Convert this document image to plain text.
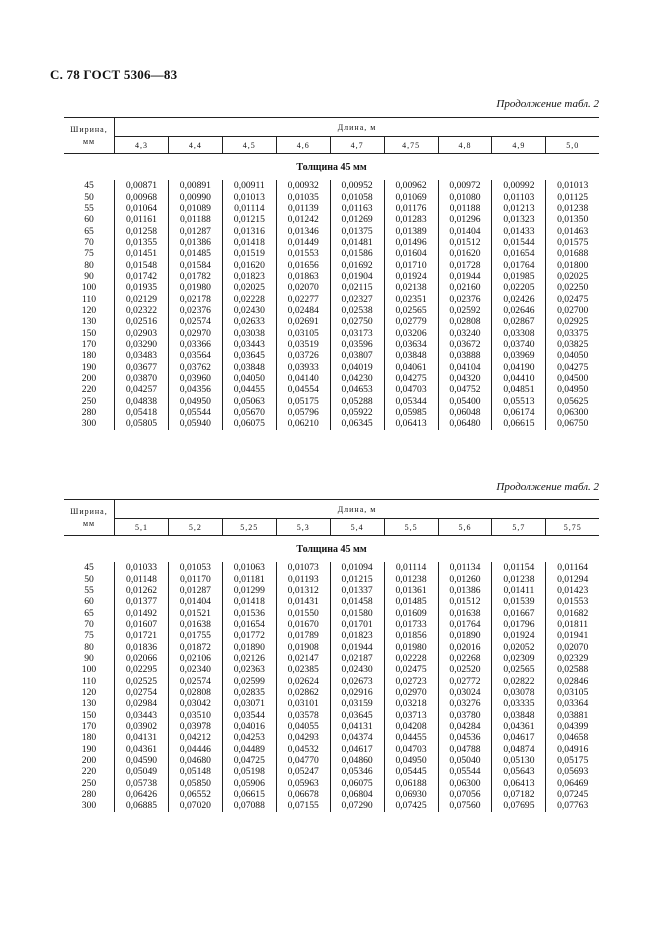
С. 78 ГОСТ 5306—83
Продолжение табл. 2
Ширина, мм	Длина, м								
	4,3	4,4	4,5	4,6	4,7	4,75	4,8	4,9	5,0
Толщина 45 мм									
45	0,00871	0,00891	0,00911	0,00932	0,00952	0,00962	0,00972	0,00992	0,01013
50	0,00968	0,00990	0,01013	0,01035	0,01058	0,01069	0,01080	0,01103	0,01125
55	0,01064	0,01089	0,01114	0,01139	0,01163	0,01176	0,01188	0,01213	0,01238
60	0,01161	0,01188	0,01215	0,01242	0,01269	0,01283	0,01296	0,01323	0,01350
65	0,01258	0,01287	0,01316	0,01346	0,01375	0,01389	0,01404	0,01433	0,01463
70	0,01355	0,01386	0,01418	0,01449	0,01481	0,01496	0,01512	0,01544	0,01575
75	0,01451	0,01485	0,01519	0,01553	0,01586	0,01604	0,01620	0,01654	0,01688
80	0,01548	0,01584	0,01620	0,01656	0,01692	0,01710	0,01728	0,01764	0,01800
90	0,01742	0,01782	0,01823	0,01863	0,01904	0,01924	0,01944	0,01985	0,02025
100	0,01935	0,01980	0,02025	0,02070	0,02115	0,02138	0,02160	0,02205	0,02250
110	0,02129	0,02178	0,02228	0,02277	0,02327	0,02351	0,02376	0,02426	0,02475
120	0,02322	0,02376	0,02430	0,02484	0,02538	0,02565	0,02592	0,02646	0,02700
130	0,02516	0,02574	0,02633	0,02691	0,02750	0,02779	0,02808	0,02867	0,02925
150	0,02903	0,02970	0,03038	0,03105	0,03173	0,03206	0,03240	0,03308	0,03375
170	0,03290	0,03366	0,03443	0,03519	0,03596	0,03634	0,03672	0,03740	0,03825
180	0,03483	0,03564	0,03645	0,03726	0,03807	0,03848	0,03888	0,03969	0,04050
190	0,03677	0,03762	0,03848	0,03933	0,04019	0,04061	0,04104	0,04190	0,04275
200	0,03870	0,03960	0,04050	0,04140	0,04230	0,04275	0,04320	0,04410	0,04500
220	0,04257	0,04356	0,04455	0,04554	0,04653	0,04703	0,04752	0,04851	0,04950
250	0,04838	0,04950	0,05063	0,05175	0,05288	0,05344	0,05400	0,05513	0,05625
280	0,05418	0,05544	0,05670	0,05796	0,05922	0,05985	0,06048	0,06174	0,06300
300	0,05805	0,05940	0,06075	0,06210	0,06345	0,06413	0,06480	0,06615	0,06750
Продолжение табл. 2
Ширина, мм	Длина, м								
	5,1	5,2	5,25	5,3	5,4	5,5	5,6	5,7	5,75
Толщина 45 мм									
45	0,01033	0,01053	0,01063	0,01073	0,01094	0,01114	0,01134	0,01154	0,01164
50	0,01148	0,01170	0,01181	0,01193	0,01215	0,01238	0,01260	0,01238	0,01294
55	0,01262	0,01287	0,01299	0,01312	0,01337	0,01361	0,01386	0,01411	0,01423
60	0,01377	0,01404	0,01418	0,01431	0,01458	0,01485	0,01512	0,01539	0,01553
65	0,01492	0,01521	0,01536	0,01550	0,01580	0,01609	0,01638	0,01667	0,01682
70	0,01607	0,01638	0,01654	0,01670	0,01701	0,01733	0,01764	0,01796	0,01811
75	0,01721	0,01755	0,01772	0,01789	0,01823	0,01856	0,01890	0,01924	0,01941
80	0,01836	0,01872	0,01890	0,01908	0,01944	0,01980	0,02016	0,02052	0,02070
90	0,02066	0,02106	0,02126	0,02147	0,02187	0,02228	0,02268	0,02309	0,02329
100	0,02295	0,02340	0,02363	0,02385	0,02430	0,02475	0,02520	0,02565	0,02588
110	0,02525	0,02574	0,02599	0,02624	0,02673	0,02723	0,02772	0,02822	0,02846
120	0,02754	0,02808	0,02835	0,02862	0,02916	0,02970	0,03024	0,03078	0,03105
130	0,02984	0,03042	0,03071	0,03101	0,03159	0,03218	0,03276	0,03335	0,03364
150	0,03443	0,03510	0,03544	0,03578	0,03645	0,03713	0,03780	0,03848	0,03881
170	0,03902	0,03978	0,04016	0,04055	0,04131	0,04208	0,04284	0,04361	0,04399
180	0,04131	0,04212	0,04253	0,04293	0,04374	0,04455	0,04536	0,04617	0,04658
190	0,04361	0,04446	0,04489	0,04532	0,04617	0,04703	0,04788	0,04874	0,04916
200	0,04590	0,04680	0,04725	0,04770	0,04860	0,04950	0,05040	0,05130	0,05175
220	0,05049	0,05148	0,05198	0,05247	0,05346	0,05445	0,05544	0,05643	0,05693
250	0,05738	0,05850	0,05906	0,05963	0,06075	0,06188	0,06300	0,06413	0,06469
280	0,06426	0,06552	0,06615	0,06678	0,06804	0,06930	0,07056	0,07182	0,07245
300	0,06885	0,07020	0,07088	0,07155	0,07290	0,07425	0,07560	0,07695	0,07763
